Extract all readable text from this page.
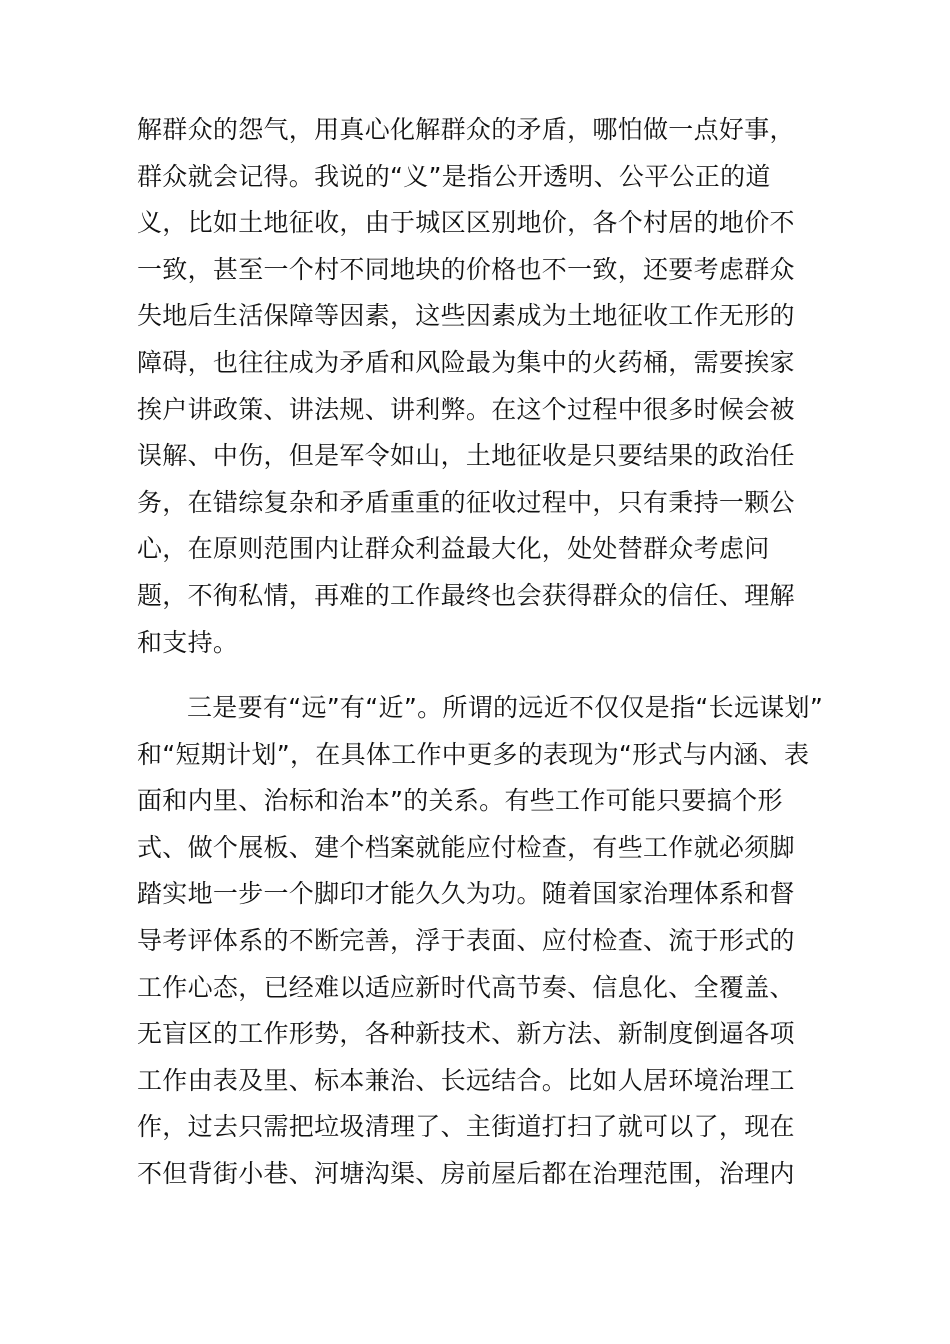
解群众的怨气，用真心化解群众的矛盾，哪怕做一点好事，
群众就会记得。我说的“义”是指公开透明、公平公正的道
义，比如土地征收，由于城区区别地价，各个村居的地价不
一致，甚至一个村不同地块的价格也不一致，还要考虑群众
失地后生活保障等因素，这些因素成为土地征收工作无形的
障碍，也往往成为矛盾和风险最为集中的火药桶，需要挨家
挨户讲政策、讲法规、讲利弊。在这个过程中很多时候会被
误解、中伤，但是军令如山，土地征收是只要结果的政治任
务，在错综复杂和矛盾重重的征收过程中，只有秉持一颗公
心，在原则范围内让群众利益最大化，处处替群众考虑问
题，不徇私情，再难的工作最终也会获得群众的信任、理解
和支持。
三是要有“远”有“近”。所谓的远近不仅仅是指“长远谋划”
和“短期计划”，在具体工作中更多的表现为“形式与内涵、表
面和内里、治标和治本”的关系。有些工作可能只要搞个形
式、做个展板、建个档案就能应付检查，有些工作就必须脚
踏实地一步一个脚印才能久久为功。随着国家治理体系和督
导考评体系的不断完善，浮于表面、应付检查、流于形式的
工作心态，已经难以适应新时代高节奏、信息化、全覆盖、
无盲区的工作形势，各种新技术、新方法、新制度倒逼各项
工作由表及里、标本兼治、长远结合。比如人居环境治理工
作，过去只需把垃圾清理了、主街道打扫了就可以了，现在
不但背街小巷、河塘沟渠、房前屋后都在治理范围，治理内
